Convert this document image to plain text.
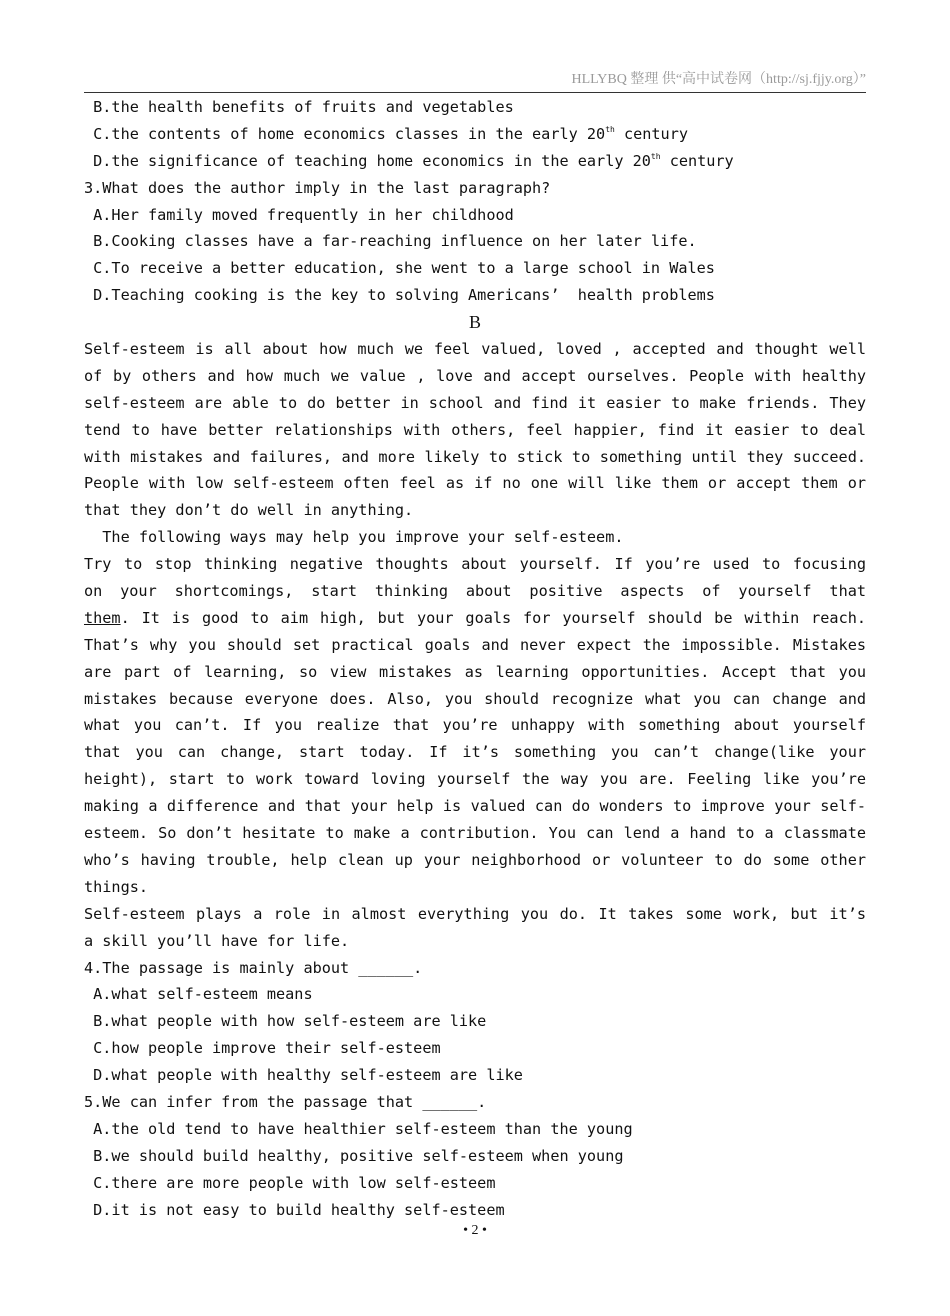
HLLYBQ 整理 供“高中试卷网（http://sj.fjjy.org）”
B.the health benefits of fruits and vegetables
C.the contents of home economics classes in the early 20th century
D.the significance of teaching home economics in the early 20th century
3.What does the author imply in the last paragraph?
A.Her family moved frequently in her childhood
B.Cooking classes have a far-reaching influence on her later life.
C.To receive a better education, she went to a large school in Wales
D.Teaching cooking is the key to solving Americans’  health problems
B
Self-esteem is all about how much we feel valued, loved , accepted and thought well
of by others and how much we value , love and accept ourselves. People with healthy
self-esteem are able to do better in school and find it easier to make friends. They
tend to have better relationships with others, feel happier, find it easier to deal
with mistakes and failures, and more likely to stick to something until they succeed.
People with low self-esteem often feel as if no one will like them or accept them or
that they don’t do well in anything.
The following ways may help you improve your self-esteem.
Try to stop thinking negative thoughts about yourself. If you’re used to focusing
on your shortcomings, start thinking about positive aspects of yourself that
them. It is good to aim high, but your goals for yourself should be within reach.
That’s why you should set practical goals and never expect the impossible. Mistakes
are part of learning, so view mistakes as learning opportunities. Accept that you
mistakes because everyone does. Also, you should recognize what you can change and
what you can’t. If you realize that you’re unhappy with something about yourself
that you can change, start today. If it’s something you can’t change(like your
height), start to work toward loving yourself the way you are. Feeling like you’re
making a difference and that your help is valued can do wonders to improve your self-
esteem. So don’t hesitate to make a contribution. You can lend a hand to a classmate
who’s having trouble, help clean up your neighborhood or volunteer to do some other
things.
Self-esteem plays a role in almost everything you do. It takes some work, but it’s
a skill you’ll have for life.
4.The passage is mainly about ______.
A.what self-esteem means
B.what people with how self-esteem are like
C.how people improve their self-esteem
D.what people with healthy self-esteem are like
5.We can infer from the passage that ______.
A.the old tend to have healthier self-esteem than the young
B.we should build healthy, positive self-esteem when young
C.there are more people with low self-esteem
D.it is not easy to build healthy self-esteem
• 2 •
